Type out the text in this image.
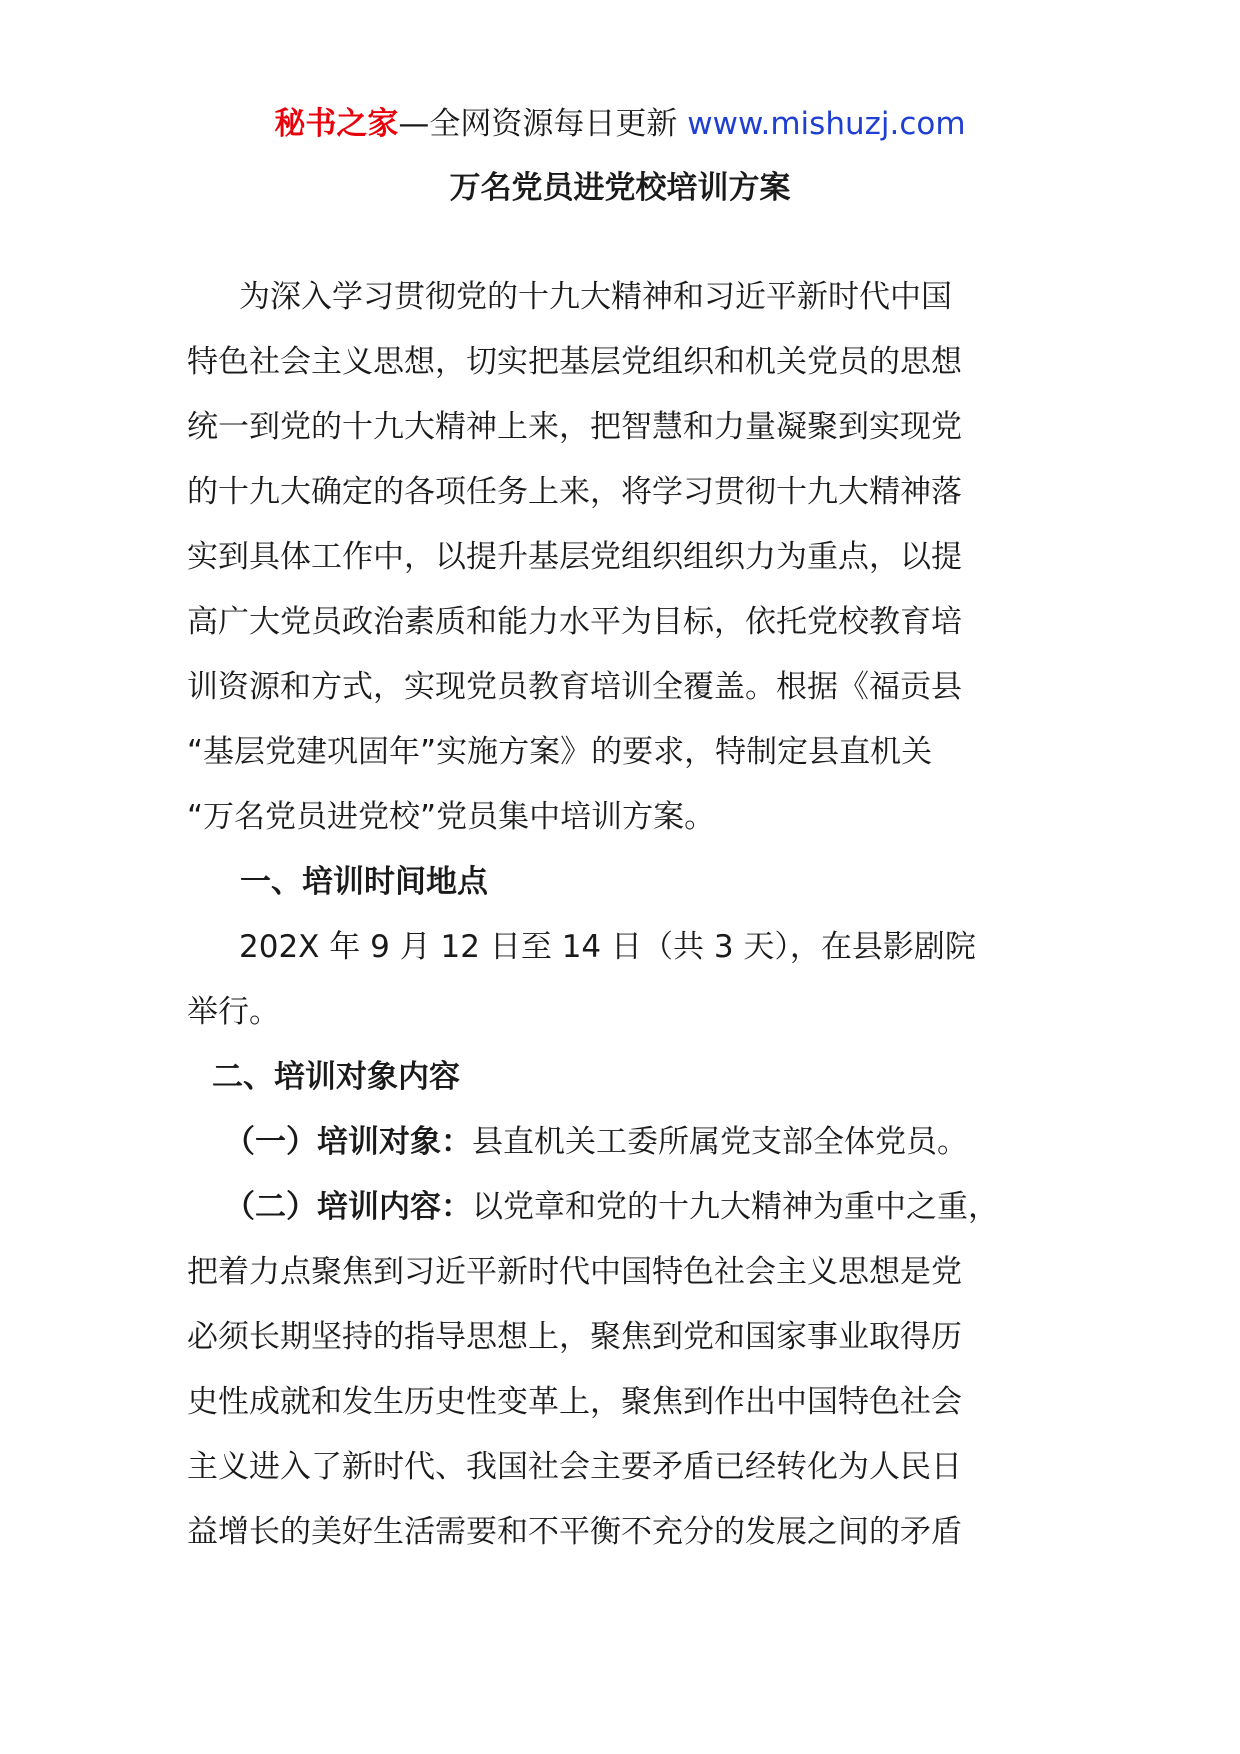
秘书之家—全网资源每日更新 www.mishuzj.com
万名党员进党校培训方案

为深入学习贯彻党的十九大精神和习近平新时代中国

特色社会主义思想，切实把基层党组织和机关党员的思想

统一到党的十九大精神上来，把智慧和力量凝聚到实现党

的十九大确定的各项任务上来，将学习贯彻十九大精神落

实到具体工作中，以提升基层党组织组织力为重点，以提

高广大党员政治素质和能力水平为目标，依托党校教育培

训资源和方式，实现党员教育培训全覆盖。根据《福贡县

“基层党建巩固年”实施方案》的要求，特制定县直机关

“万名党员进党校”党员集中培训方案。

一、培训时间地点

202X 年 9 月 12 日至 14 日（共 3 天），在县影剧院

举行。

二、培训对象内容

（一）培训对象：县直机关工委所属党支部全体党员。

（二）培训内容：以党章和党的十九大精神为重中之重，

把着力点聚焦到习近平新时代中国特色社会主义思想是党

必须长期坚持的指导思想上，聚焦到党和国家事业取得历

史性成就和发生历史性变革上，聚焦到作出中国特色社会

主义进入了新时代、我国社会主要矛盾已经转化为人民日

益增长的美好生活需要和不平衡不充分的发展之间的矛盾
